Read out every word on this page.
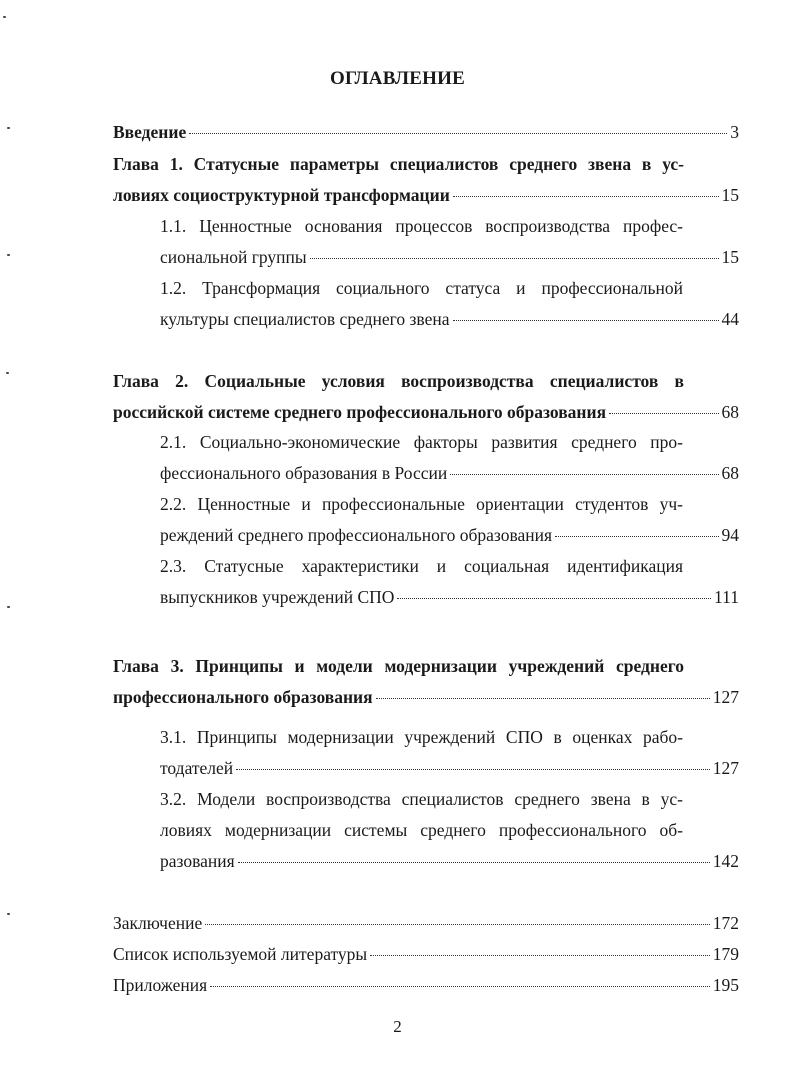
ОГЛАВЛЕНИЕ
Введение	3
Глава 1. Статусные параметры специалистов среднего звена в ус-
ловиях социоструктурной трансформации	15
1.1. Ценностные основания процессов воспроизводства профес-
сиональной группы	15
1.2. Трансформация социального статуса и профессиональной
культуры специалистов среднего звена	44
Глава 2. Социальные условия воспроизводства специалистов в
российской системе среднего профессионального образования	68
2.1. Социально-экономические факторы развития среднего про-
фессионального образования в России	68
2.2. Ценностные и профессиональные ориентации студентов уч-
реждений среднего профессионального образования	94
2.3. Статусные характеристики и социальная идентификация
выпускников учреждений СПО	111
Глава 3. Принципы и модели модернизации учреждений среднего
профессионального образования	127
3.1. Принципы модернизации учреждений СПО в оценках рабо-
тодателей	127
3.2. Модели воспроизводства специалистов среднего звена в ус-
ловиях модернизации системы среднего профессионального об-
разования	142
Заключение	172
Список используемой литературы	179
Приложения	195
2
